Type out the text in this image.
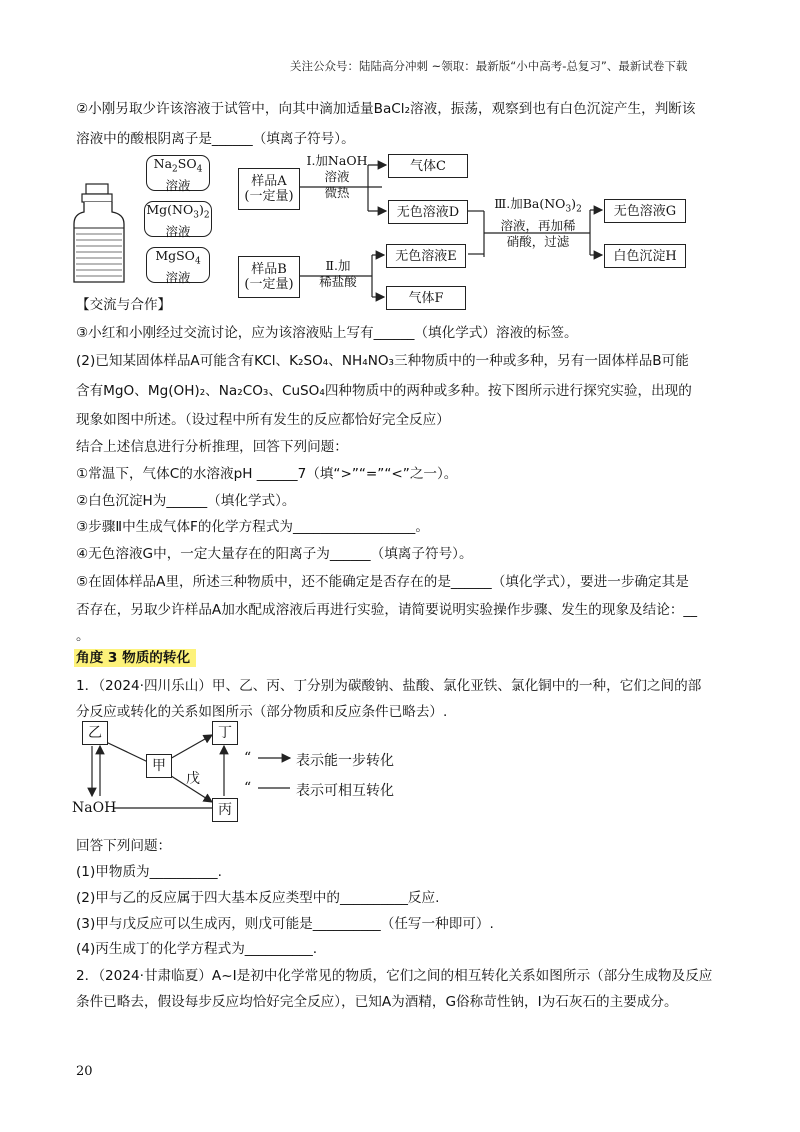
关注公众号：陆陆高分冲刺 ~领取：最新版“小中高考-总复习”、最新试卷下载
②小刚另取少许该溶液于试管中，向其中滴加适量BaCl₂溶液，振荡，观察到也有白色沉淀产生，判断该
溶液中的酸根阴离子是______（填离子符号）。
$Na_2SO_4$
溶液
$Mg(NO_3)_2$
溶液
MgSO$_4$
溶液
样品A
(一定量)
Ⅰ.加NaOH
溶液
微热
气体C
无色溶液D
Ⅲ.加$Ba(NO_3)_2$
溶液，再加稀
硝酸，过滤
无色溶液G
白色沉淀H
样品B
(一定量)
Ⅱ.加
稀盐酸
无色溶液E
气体F
【交流与合作】
③小红和小刚经过交流讨论，应为该溶液贴上写有______（填化学式）溶液的标签。
(2)已知某固体样品A可能含有KCl、K₂SO₄、NH₄NO₃三种物质中的一种或多种，另有一固体样品B可能
含有MgO、Mg(OH)₂、Na₂CO₃、CuSO₄四种物质中的两种或多种。按下图所示进行探究实验，出现的
现象如图中所述。（设过程中所有发生的反应都恰好完全反应）
结合上述信息进行分析推理，回答下列问题：
①常温下，气体C的水溶液pH ______7（填“>”“=”“<”之一）。
②白色沉淀H为______（填化学式）。
③步骤Ⅱ中生成气体F的化学方程式为__________________。
④无色溶液G中，一定大量存在的阳离子为______（填离子符号）。
⑤在固体样品A里，所述三种物质中，还不能确定是否存在的是______（填化学式），要进一步确定其是
否存在，另取少许样品A加水配成溶液后再进行实验，请简要说明实验操作步骤、发生的现象及结论：__
。
角度 3 物质的转化
1．（2024·四川乐山）甲、乙、丙、丁分别为碳酸钠、盐酸、氯化亚铁、氯化铜中的一种，它们之间的部
分反应或转化的关系如图所示（部分物质和反应条件已略去）.
乙	丁
甲
戊
丙
NaOH
表示能一步转化
表示可相互转化
“
“
回答下列问题：
(1)甲物质为__________.
(2)甲与乙的反应属于四大基本反应类型中的__________反应.
(3)甲与戊反应可以生成丙，则戊可能是__________（任写一种即可）.
(4)丙生成丁的化学方程式为__________.
2．（2024·甘肃临夏）A~I是初中化学常见的物质，它们之间的相互转化关系如图所示（部分生成物及反应
条件已略去，假设每步反应均恰好完全反应），已知A为酒精，G俗称苛性钠，I为石灰石的主要成分。
20
